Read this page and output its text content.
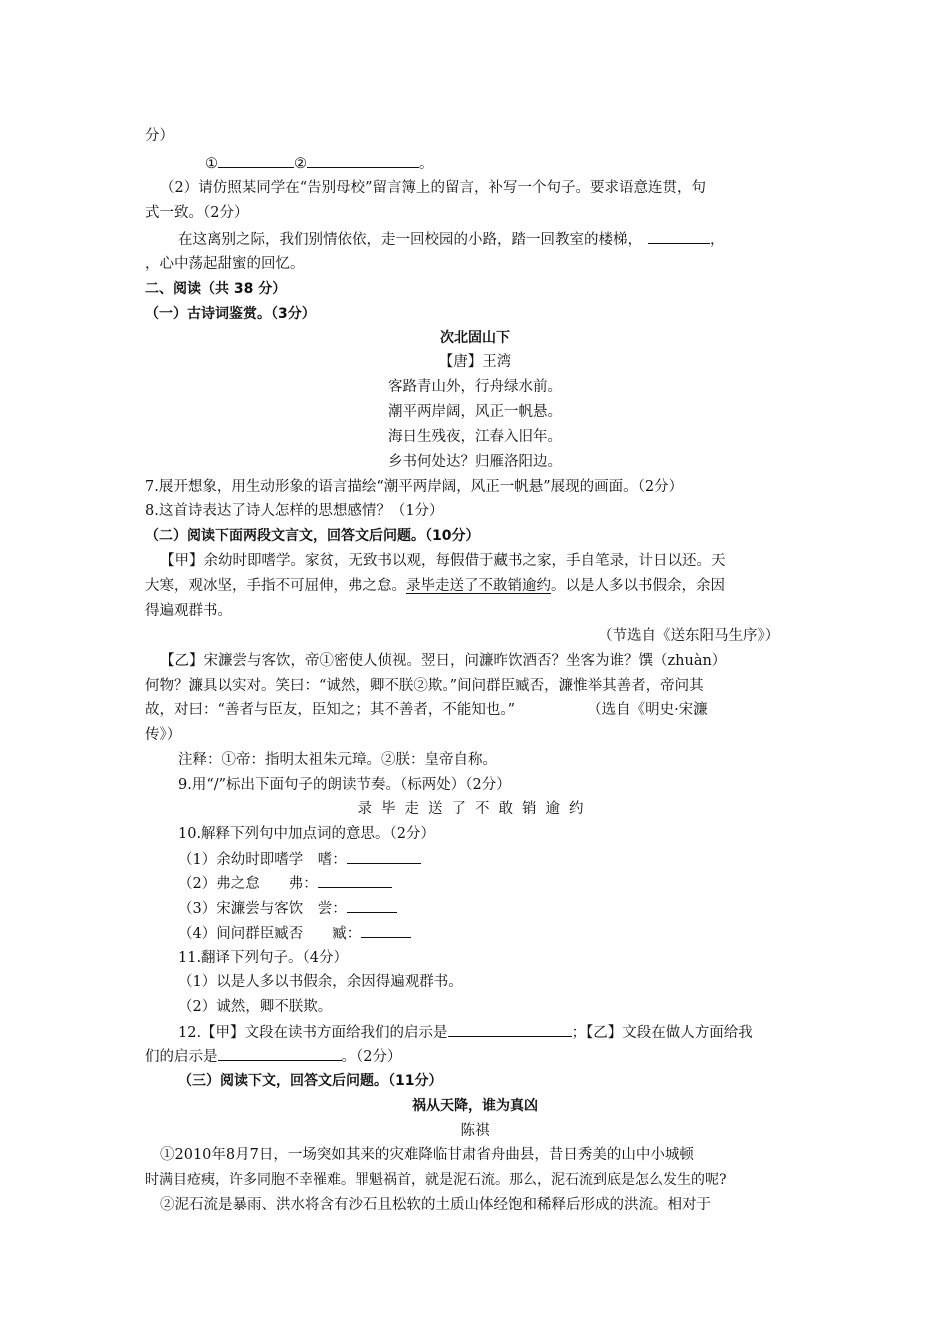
分）
①	②	。
（2）请仿照某同学在“告别母校”留言簿上的留言，补写一个句子。要求语意连贯，句
式一致。（2分）
在这离别之际，我们别情依依，走一回校园的小路，踏一回教室的楼梯，	，
，心中荡起甜蜜的回忆。
二、阅读（共 38 分）
（一）古诗词鉴赏。（3分）
次北固山下
【唐】王湾
客路青山外，行舟绿水前。
潮平两岸阔，风正一帆悬。
海日生残夜，江春入旧年。
乡书何处达？归雁洛阳边。
7.展开想象，用生动形象的语言描绘“潮平两岸阔，风正一帆悬”展现的画面。（2分）
8.这首诗表达了诗人怎样的思想感情？（1分）
（二）阅读下面两段文言文，回答文后问题。（10分）
【甲】余幼时即嗜学。家贫，无致书以观，每假借于藏书之家，手自笔录，计日以还。天
大寒，观冰坚，手指不可屈伸，弗之怠。录毕走送了不敢销逾约。以是人多以书假余，余因
得遍观群书。
（节选自《送东阳马生序》）
【乙】宋濂尝与客饮，帝①密使人侦视。翌日，问濂昨饮酒否？坐客为谁？馔（zhuàn）
何物？濂具以实对。笑曰：“诚然，卿不朕②欺。”间问群臣臧否，濂惟举其善者，帝问其
故，对曰：“善者与臣友，臣知之；其不善者，不能知也。”	（选自《明史·宋濂
传》）
注释：①帝：指明太祖朱元璋。②朕：皇帝自称。
9.用“/”标出下面句子的朗读节奏。（标两处）（2分）
录毕走送了不敢销逾约
10.解释下列句中加点词的意思。（2分）
（1）余幼时即嗜学　嗜：
（2）弗之怠　　弗：
（3）宋濂尝与客饮　尝：
（4）间问群臣臧否　　臧：
11.翻译下列句子。（4分）
（1）以是人多以书假余，余因得遍观群书。
（2）诚然，卿不朕欺。
12.【甲】文段在读书方面给我们的启示是	；【乙】文段在做人方面给我
们的启示是	。（2分）
（三）阅读下文，回答文后问题。（11分）
祸从天降，谁为真凶
陈祺
①2010年8月7日，一场突如其来的灾难降临甘肃省舟曲县，昔日秀美的山中小城顿
时满目疮痍，许多同胞不幸罹难。罪魁祸首，就是泥石流。那么，泥石流到底是怎么发生的呢?
②泥石流是暴雨、洪水将含有沙石且松软的土质山体经饱和稀释后形成的洪流。相对于
